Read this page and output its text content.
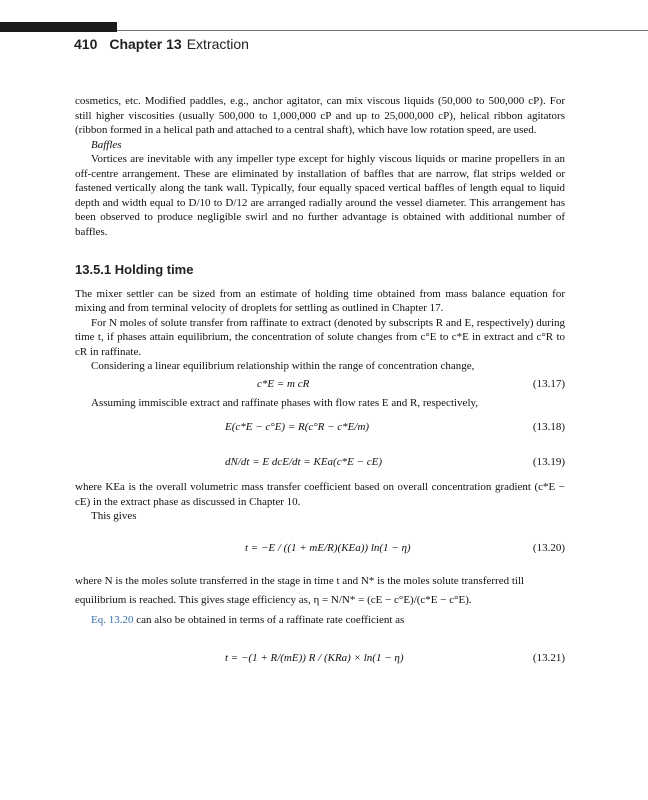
410 Chapter 13 Extraction

cosmetics, etc. Modified paddles, e.g., anchor agitator, can mix viscous liquids (50,000 to 500,000 cP). For still higher viscosities (usually 500,000 to 1,000,000 cP and up to 25,000,000 cP), helical ribbon agitators (ribbon formed in a helical path and attached to a central shaft), which have low rotation speed, are used.

Baffles

Vortices are inevitable with any impeller type except for highly viscous liquids or marine propellers in an off-centre arrangement. These are eliminated by installation of baffles that are narrow, flat strips welded or fastened vertically along the tank wall. Typically, four equally spaced vertical baffles of length equal to liquid depth and width equal to D/10 to D/12 are arranged radially around the vessel diameter. This arrangement has been observed to produce negligible swirl and no further advantage is obtained with additional number of baffles.

13.5.1 Holding time

The mixer settler can be sized from an estimate of holding time obtained from mass balance equation for mixing and from terminal velocity of droplets for settling as outlined in Chapter 17.

For N moles of solute transfer from raffinate to extract (denoted by subscripts R and E, respectively) during time t, if phases attain equilibrium, the concentration of solute changes from c°E to c*E in extract and c°R to cR in raffinate.

Considering a linear equilibrium relationship within the range of concentration change,

c*E = m cR	(13.17)

Assuming immiscible extract and raffinate phases with flow rates E and R, respectively,

E(c*E − c°E) = R(c°R − c*E/m)	(13.18)
dN/dt = E dcE/dt = KEa(c*E − cE)	(13.19)

where KEa is the overall volumetric mass transfer coefficient based on overall concentration gradient (c*E − cE) in the extract phase as discussed in Chapter 10.

This gives

t = −E / ((1 + mE/R)(KEa)) ln(1 − η)	(13.20)

where N is the moles solute transferred in the stage in time t and N* is the moles solute transferred till

equilibrium is reached. This gives stage efficiency as, η = N/N* = (cE − c°E)/(c*E − c°E).

Eq. 13.20 can also be obtained in terms of a raffinate rate coefficient as

t = −(1 + R/(mE)) R / (KRa) × ln(1 − η)	(13.21)
